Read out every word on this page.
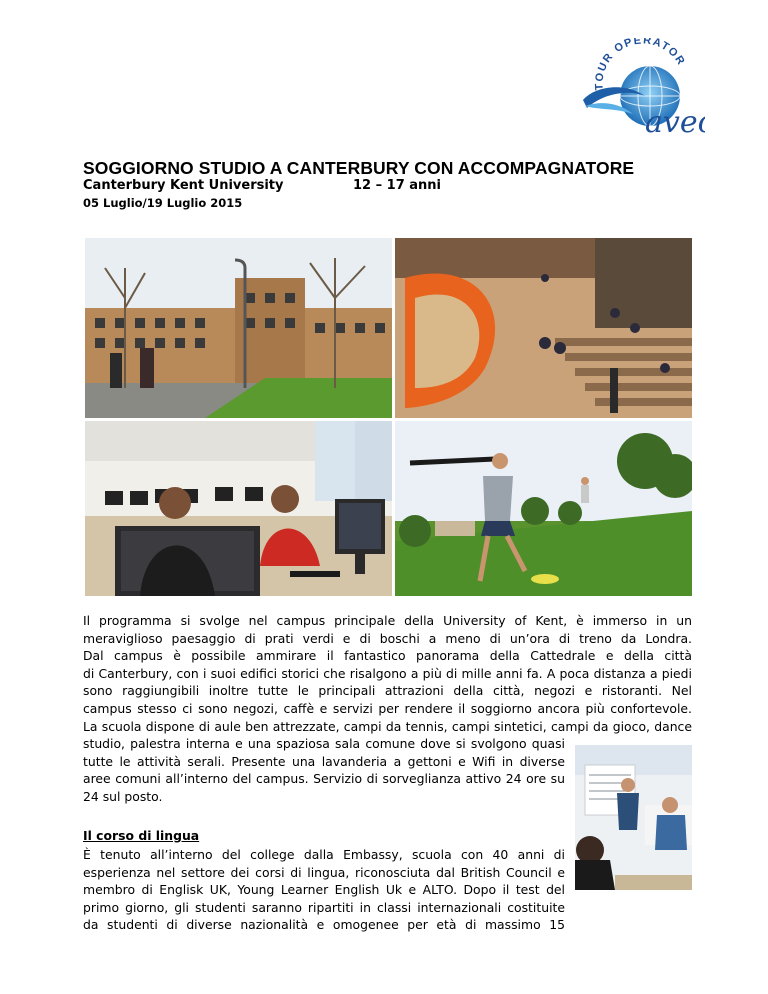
TOUR OPERATOR
ave
SOGGIORNO STUDIO A CANTERBURY CON ACCOMPAGNATORE
Canterbury Kent University	12 – 17 anni
05 Luglio/19 Luglio 2015
Il programma si svolge nel campus principale della University of Kent, è immerso in un
meraviglioso paesaggio di prati verdi e di boschi a meno di un’ora di treno da Londra.
Dal campus è possibile ammirare il fantastico panorama della Cattedrale e della città
di Canterbury, con i suoi edifici storici che risalgono a più di mille anni fa. A poca distanza a piedi
sono raggiungibili inoltre tutte le principali attrazioni della città, negozi e ristoranti. Nel
campus stesso ci sono negozi, caffè e servizi per rendere il soggiorno ancora più confortevole.
La scuola dispone di aule ben attrezzate, campi da tennis, campi sintetici, campi da gioco, dance
studio, palestra interna e una spaziosa sala comune dove si svolgono quasi
tutte le attività serali. Presente una lavanderia a gettoni e Wifi in diverse
aree comuni all’interno del campus. Servizio di sorveglianza attivo 24 ore su
24 sul posto.
Il corso di lingua
È tenuto all’interno del college dalla Embassy, scuola con 40 anni di
esperienza nel settore dei corsi di lingua, riconosciuta dal British Council e
membro di Englisk UK, Young Learner English Uk e ALTO. Dopo il test del
primo giorno, gli studenti saranno ripartiti in classi internazionali costituite
da studenti di diverse nazionalità e omogenee per età di massimo 15
